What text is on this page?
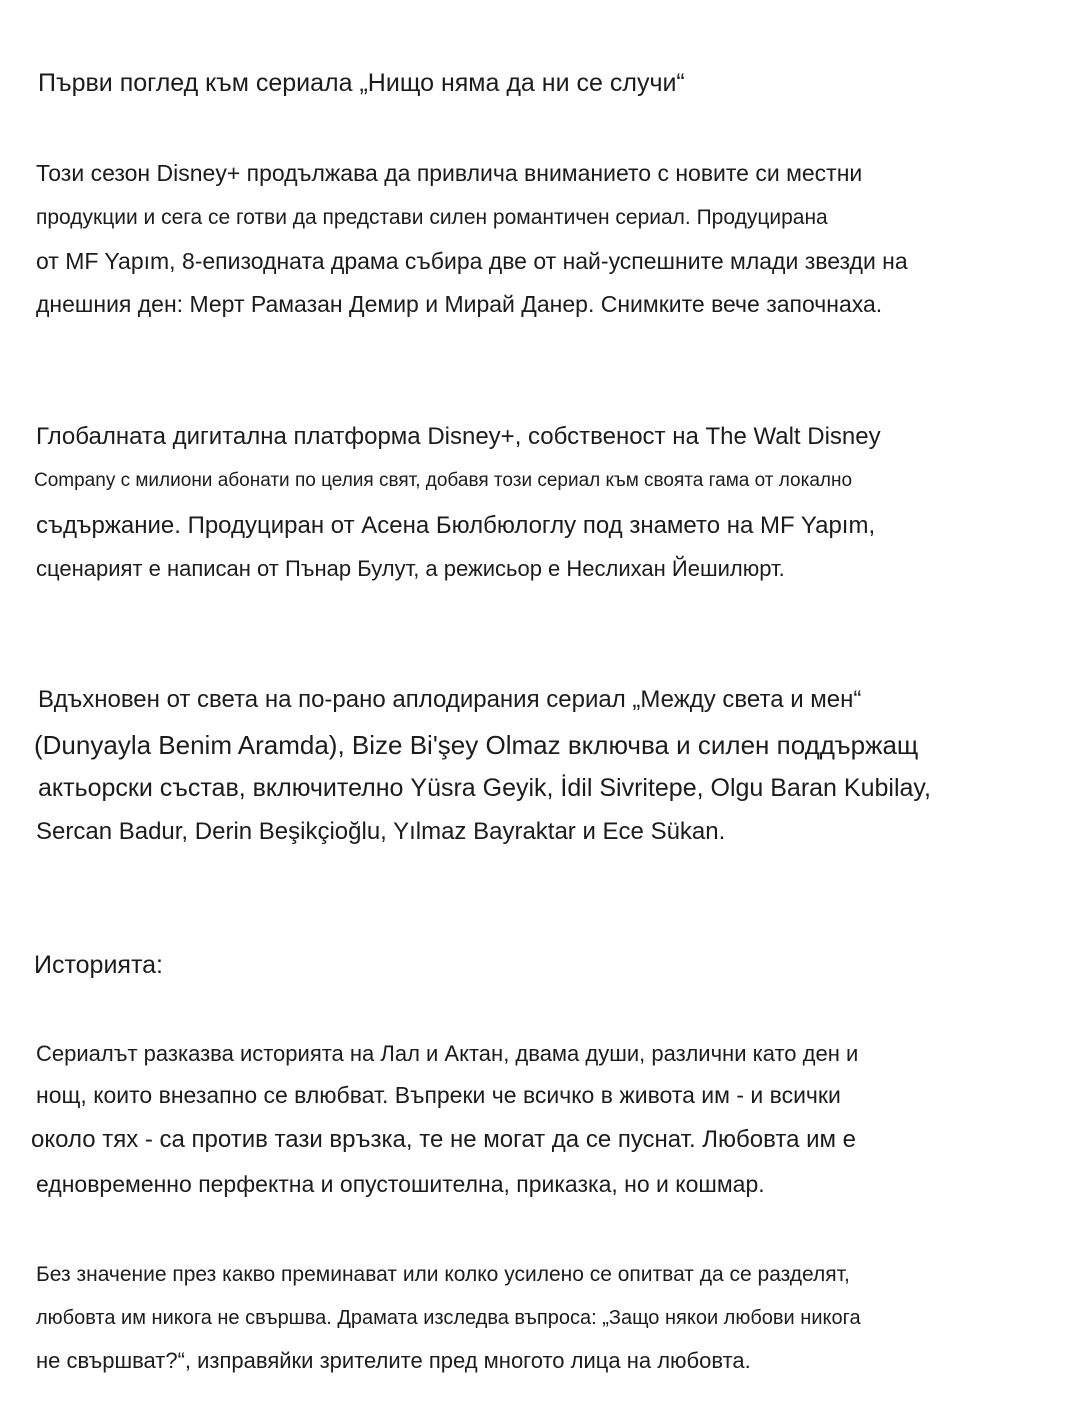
Първи поглед към сериала „Нищо няма да ни се случи“

Този сезон Disney+ продължава да привлича вниманието с новите си местни

продукции и сега се готви да представи силен романтичен сериал. Продуцирана

от MF Yapım, 8-епизодната драма събира две от най-успешните млади звезди на

днешния ден: Мерт Рамазан Демир и Мирай Данер. Снимките вече започнаха.

Глобалната дигитална платформа Disney+, собственост на The Walt Disney

Company с милиони абонати по целия свят, добавя този сериал към своята гама от локално

съдържание. Продуциран от Асена Бюлбюлоглу под знамето на MF Yapım,

сценарият е написан от Пънар Булут, а режисьор е Неслихан Йешилюрт.

Вдъхновен от света на по-рано аплодирания сериал „Между света и мен“

(Dunyayla Benim Aramda), Bize Bi'şey Olmaz включва и силен поддържащ

актьорски състав, включително Yüsra Geyik, İdil Sivritepe, Olgu Baran Kubilay,

Sercan Badur, Derin Beşikçioğlu, Yılmaz Bayraktar и Ece Sükan.

Историята:

Сериалът разказва историята на Лал и Актан, двама души, различни като ден и

нощ, които внезапно се влюбват. Въпреки че всичко в живота им - и всички

около тях - са против тази връзка, те не могат да се пуснат. Любовта им е

едновременно перфектна и опустошителна, приказка, но и кошмар.

Без значение през какво преминават или колко усилено се опитват да се разделят,

любовта им никога не свършва. Драмата изследва въпроса: „Защо някои любови никога

не свършват?“, изправяйки зрителите пред многото лица на любовта.
